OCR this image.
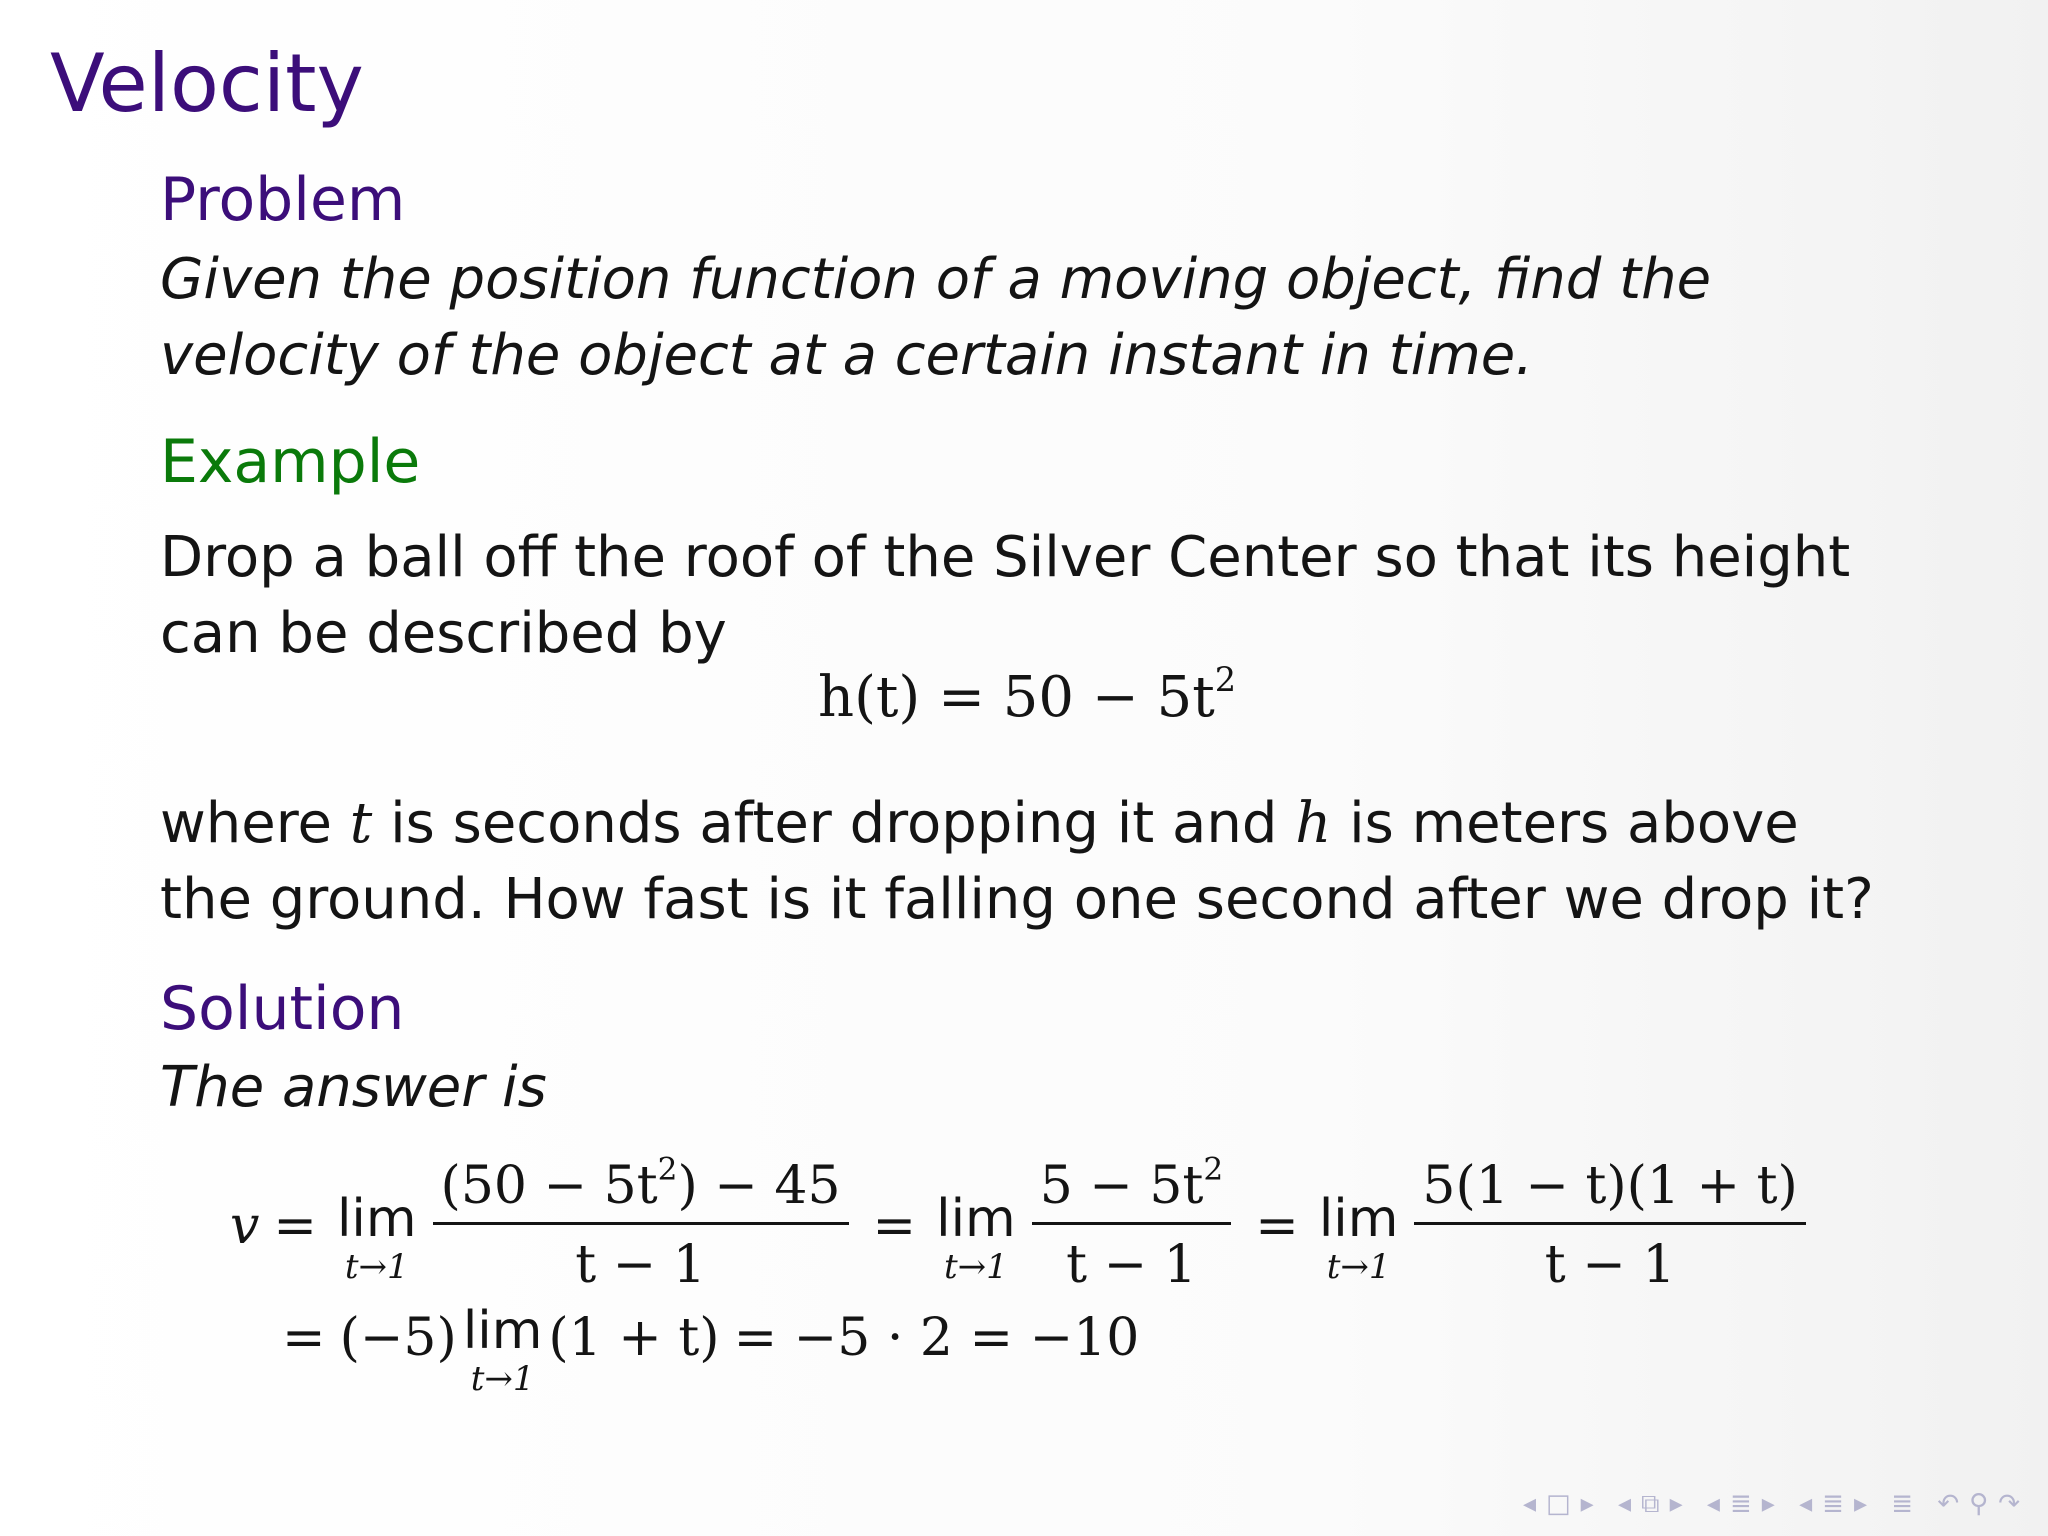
Velocity
Problem

Given the position function of a moving object, find the velocity of the object at a certain instant in time.

Example

Drop a ball off the roof of the Silver Center so that its height can be described by

$h(t) = 50 - 5t^2$

where t is seconds after dropping it and h is meters above the ground. How fast is it falling one second after we drop it?

Solution

The answer is

v = lim
$t\to 1 \frac{(50 - 5t^2) - 45}{t - 1} = \lim$
$t\to 1 \frac{5 - 5t^2}{t - 1} = \lim$
$t\to 1 \frac{5(1 - t)(1 + t)}{t - 1}$
= (−5) lim
t→1
(1 + t) = −5 · 2 = −10
◂ □ ▸ ◂ ⧉ ▸ ◂ ≣ ▸ ◂ ≣ ▸ ≣ ↶ ⚲ ↷
